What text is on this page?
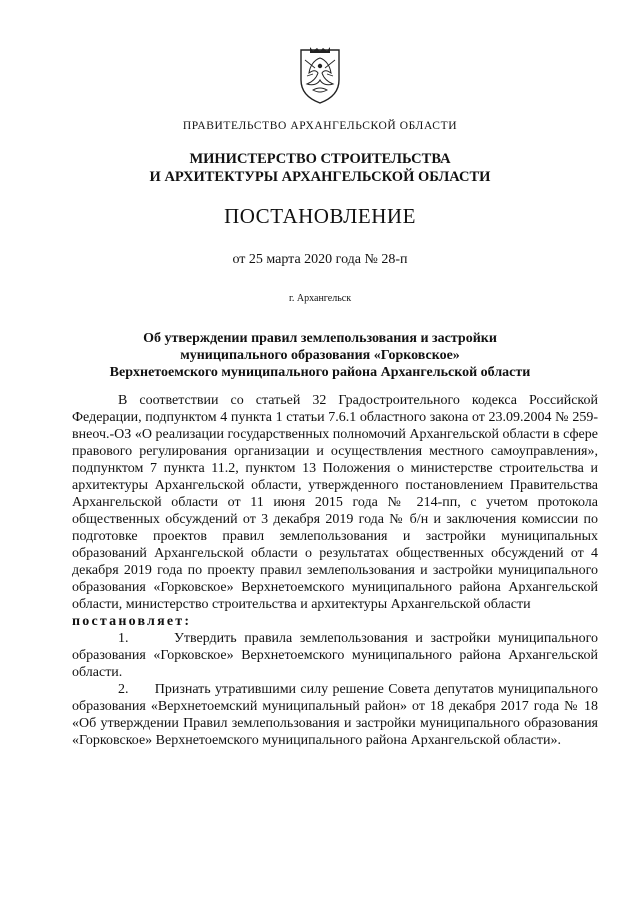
ПРАВИТЕЛЬСТВО АРХАНГЕЛЬСКОЙ ОБЛАСТИ
МИНИСТЕРСТВО СТРОИТЕЛЬСТВА
И АРХИТЕКТУРЫ АРХАНГЕЛЬСКОЙ ОБЛАСТИ
ПОСТАНОВЛЕНИЕ
от 25 марта 2020 года № 28-п
г. Архангельск
Об утверждении правил землепользования и застройки
муниципального образования «Горковское»
Верхнетоемского муниципального района Архангельской области

В соответствии со статьей 32 Градостроительного кодекса Российской Федерации, подпунктом 4 пункта 1 статьи 7.6.1 областного закона от 23.09.2004 № 259-внеоч.-ОЗ «О реализации государственных полномочий Архангельской области в сфере правового регулирования организации и осуществления местного самоуправления», подпунктом 7 пункта 11.2, пунктом 13 Положения о министерстве строительства и архитектуры Архангельской области, утвержденного постановлением Правительства Архангельской области от 11 июня 2015 года № 214-пп, с учетом протокола общественных обсуждений от 3 декабря 2019 года № б/н и заключения комиссии по подготовке проектов правил землепользования и застройки муниципальных образований Архангельской области о результатах общественных обсуждений от 4 декабря 2019 года по проекту правил землепользования и застройки муниципального образования «Горковское» Верхнетоемского муниципального района Архангельской области, министерство строительства и архитектуры Архангельской области

постановляет:

1.      Утвердить правила землепользования и застройки муниципального образования «Горковское» Верхнетоемского муниципального района Архангельской области.

2.      Признать утратившими силу решение Совета депутатов муниципального образования «Верхнетоемский муниципальный район» от 18 декабря 2017 года № 18 «Об утверждении Правил землепользования и застройки муниципального образования «Горковское» Верхнетоемского муниципального района Архангельской области».
